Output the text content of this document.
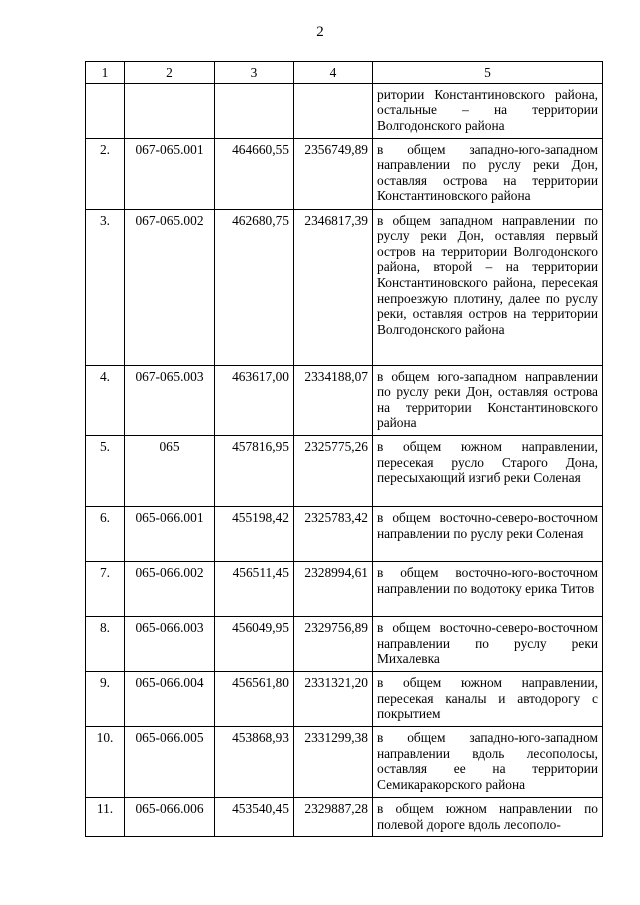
2
1	2	3	4	5
				ритории Константиновского района, остальные – на территории Волгодонского района
2.	067-065.001	464660,55	2356749,89	в общем западно-юго-западном направлении по руслу реки Дон, оставляя острова на территории Константиновского района
3.	067-065.002	462680,75	2346817,39	в общем западном направлении по руслу реки Дон, оставляя первый остров на территории Волгодонского района, второй – на территории Константиновского района, пересекая непроезжую плотину, далее по руслу реки, оставляя остров на территории Волгодонского района
4.	067-065.003	463617,00	2334188,07	в общем юго-западном направлении по руслу реки Дон, оставляя острова на территории Константиновского района
5.	065	457816,95	2325775,26	в общем южном направлении, пересекая русло Старого Дона, пересыхающий изгиб реки Соленая
6.	065-066.001	455198,42	2325783,42	в общем восточно-северо-восточном направлении по руслу реки Соленая
7.	065-066.002	456511,45	2328994,61	в общем восточно-юго-восточном направлении по водотоку ерика Титов
8.	065-066.003	456049,95	2329756,89	в общем восточно-северо-восточном направлении по руслу реки Михалевка
9.	065-066.004	456561,80	2331321,20	в общем южном направлении, пересекая каналы и автодорогу с покрытием
10.	065-066.005	453868,93	2331299,38	в общем западно-юго-западном направлении вдоль лесополосы, оставляя ее на территории Семикаракорского района
11.	065-066.006	453540,45	2329887,28	в общем южном направлении по полевой дороге вдоль лесополо-
